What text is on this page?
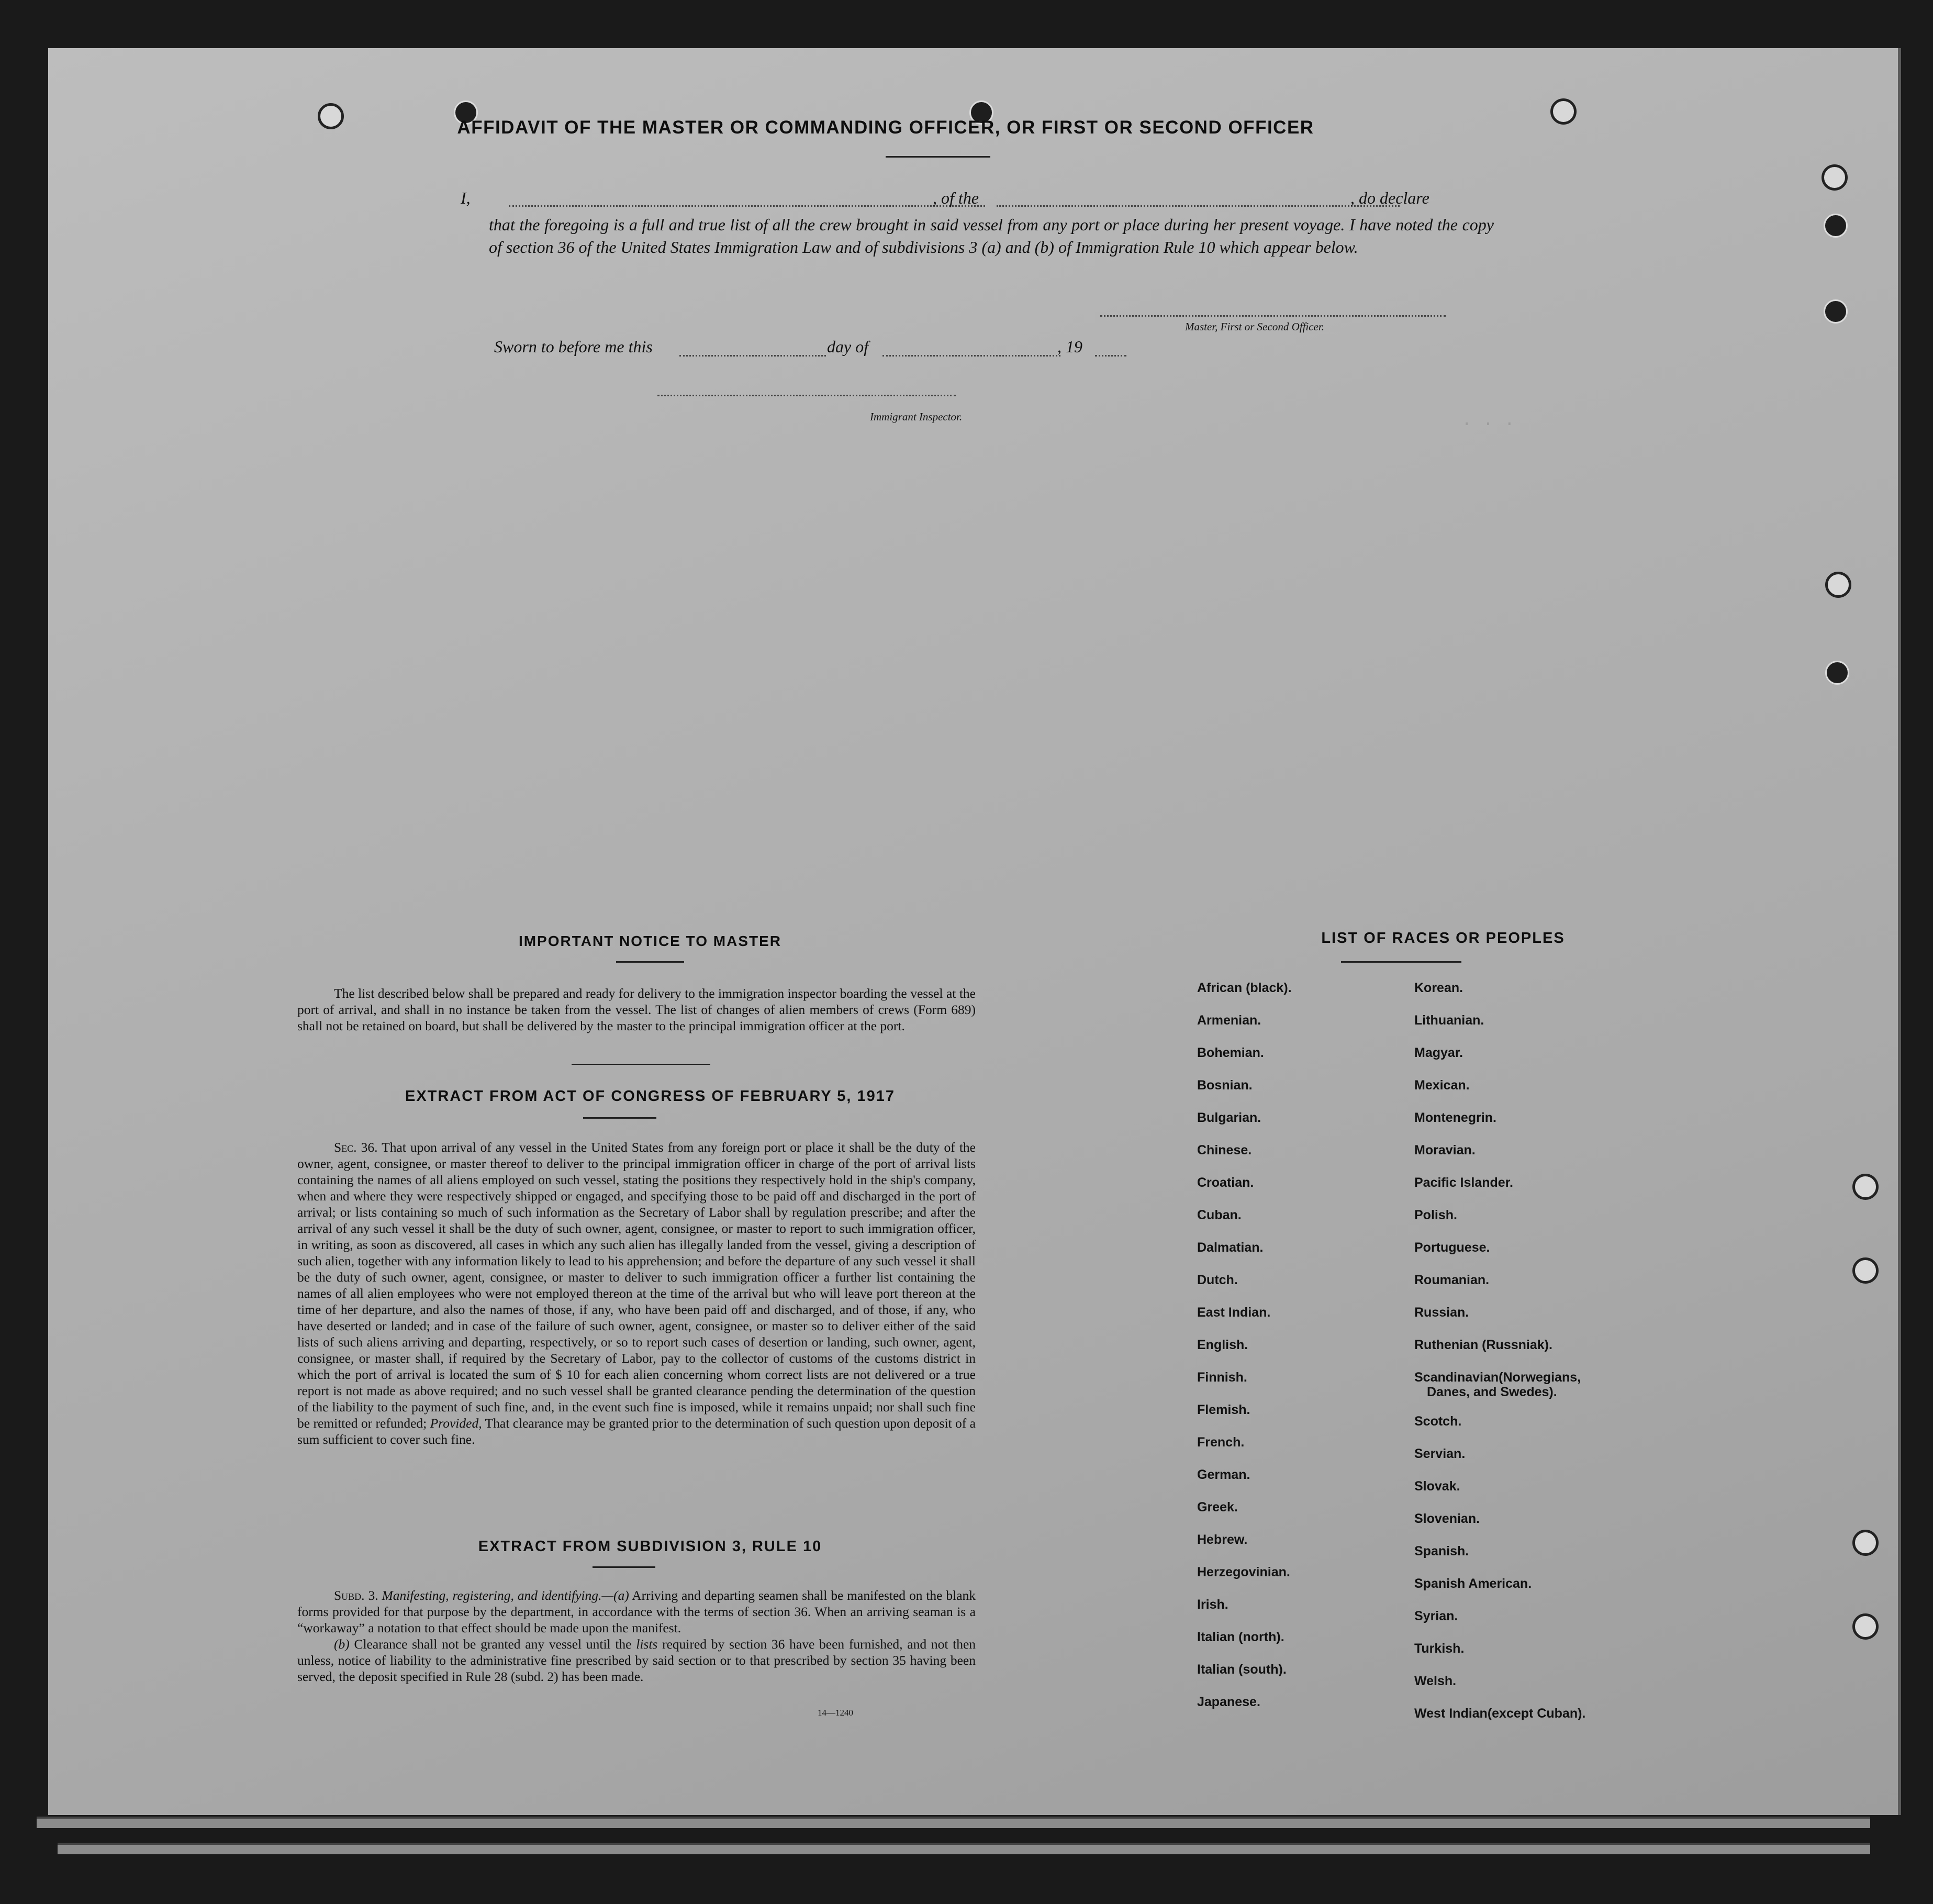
· · ·
AFFIDAVIT OF THE MASTER OR COMMANDING OFFICER, OR FIRST OR SECOND OFFICER
I,	, of the	, do declare
that the foregoing is a full and true list of all the crew brought in said vessel from any port or place during her present voyage. I have noted the copy of section 36 of the United States Immigration Law and of subdivisions 3 (a) and (b) of Immigration Rule 10 which appear below.
Master, First or Second Officer.
Sworn to before me this	day of	, 19
Immigrant Inspector.
IMPORTANT NOTICE TO MASTER

The list described below shall be prepared and ready for delivery to the immigration inspector boarding the vessel at the port of arrival, and shall in no instance be taken from the vessel. The list of changes of alien members of crews (Form 689) shall not be retained on board, but shall be delivered by the master to the principal immigration officer at the port.

EXTRACT FROM ACT OF CONGRESS OF FEBRUARY 5, 1917

Sec. 36. That upon arrival of any vessel in the United States from any foreign port or place it shall be the duty of the owner, agent, consignee, or master thereof to deliver to the principal immigration officer in charge of the port of arrival lists containing the names of all aliens employed on such vessel, stating the positions they respectively hold in the ship's company, when and where they were respectively shipped or engaged, and specifying those to be paid off and discharged in the port of arrival; or lists containing so much of such information as the Secretary of Labor shall by regulation prescribe; and after the arrival of any such vessel it shall be the duty of such owner, agent, consignee, or master to report to such immigration officer, in writing, as soon as discovered, all cases in which any such alien has illegally landed from the vessel, giving a description of such alien, together with any information likely to lead to his apprehension; and before the departure of any such vessel it shall be the duty of such owner, agent, consignee, or master to deliver to such immigration officer a further list containing the names of all alien employees who were not employed thereon at the time of the arrival but who will leave port thereon at the time of her departure, and also the names of those, if any, who have been paid off and discharged, and of those, if any, who have deserted or landed; and in case of the failure of such owner, agent, consignee, or master so to deliver either of the said lists of such aliens arriving and departing, respectively, or so to report such cases of desertion or landing, such owner, agent, consignee, or master shall, if required by the Secretary of Labor, pay to the collector of customs of the customs district in which the port of arrival is located the sum of $ 10 for each alien concerning whom correct lists are not delivered or a true report is not made as above required; and no such vessel shall be granted clearance pending the determination of the question of the liability to the payment of such fine, and, in the event such fine is imposed, while it remains unpaid; nor shall such fine be remitted or refunded; Provided, That clearance may be granted prior to the determination of such question upon deposit of a sum sufficient to cover such fine.

EXTRACT FROM SUBDIVISION 3, RULE 10

Subd. 3. Manifesting, registering, and identifying.—(a) Arriving and departing seamen shall be manifested on the blank forms provided for that purpose by the department, in accordance with the terms of section 36. When an arriving seaman is a “workaway” a notation to that effect should be made upon the manifest.

(b) Clearance shall not be granted any vessel until the lists required by section 36 have been furnished, and not then unless, notice of liability to the administrative fine prescribed by said section or to that prescribed by section 35 having been served, the deposit specified in Rule 28 (subd. 2) has been made.

14—1240
LIST OF RACES OR PEOPLES
African (black).
Armenian.
Bohemian.
Bosnian.
Bulgarian.
Chinese.
Croatian.
Cuban.
Dalmatian.
Dutch.
East Indian.
English.
Finnish.
Flemish.
French.
German.
Greek.
Hebrew.
Herzegovinian.
Irish.
Italian (north).
Italian (south).
Japanese.
Korean.
Lithuanian.
Magyar.
Mexican.
Montenegrin.
Moravian.
Pacific Islander.
Polish.
Portuguese.
Roumanian.
Russian.
Ruthenian (Russniak).
Scandinavian(Norwegians,
Scotch.
Servian.
Slovak.
Slovenian.
Spanish.
Spanish American.
Syrian.
Turkish.
Welsh.
West Indian(except Cuban).
Danes, and Swedes).
